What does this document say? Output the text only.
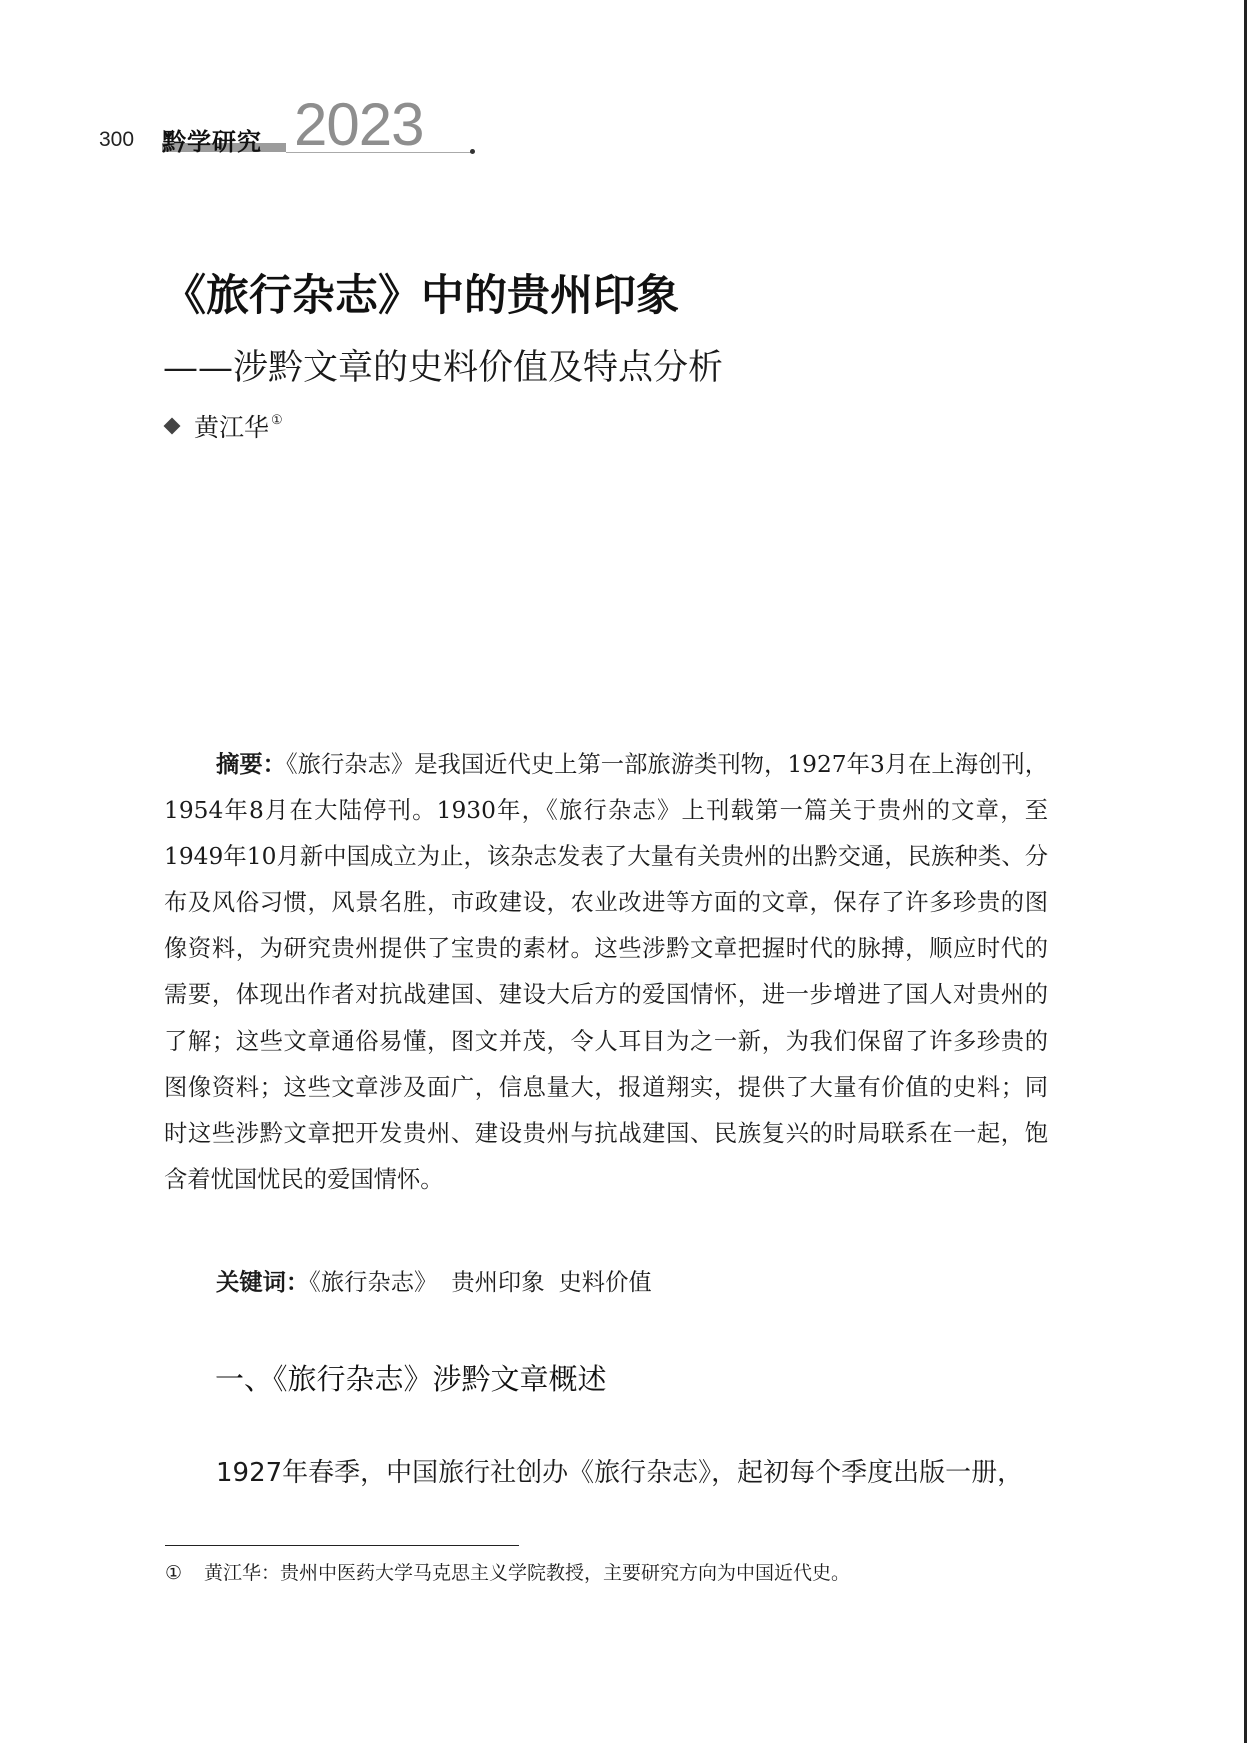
300 黔学研究 2023
《旅行杂志》中的贵州印象
——涉黔文章的史料价值及特点分析
黄江华 ①

摘要：《旅行杂志》是我国近代史上第一部旅游类刊物，1927年3月在上海创刊，1954年8月在大陆停刊。1930年，《旅行杂志》上刊载第一篇关于贵州的文章，至1949年10月新中国成立为止，该杂志发表了大量有关贵州的出黔交通，民族种类、分布及风俗习惯，风景名胜，市政建设，农业改进等方面的文章，保存了许多珍贵的图像资料，为研究贵州提供了宝贵的素材。这些涉黔文章把握时代的脉搏，顺应时代的需要，体现出作者对抗战建国、建设大后方的爱国情怀，进一步增进了国人对贵州的了解；这些文章通俗易懂，图文并茂，令人耳目为之一新，为我们保留了许多珍贵的图像资料；这些文章涉及面广，信息量大，报道翔实，提供了大量有价值的史料；同时这些涉黔文章把开发贵州、建设贵州与抗战建国、民族复兴的时局联系在一起，饱含着忧国忧民的爱国情怀。

关键词：《旅行杂志》 贵州印象 史料价值
一、《旅行杂志》涉黔文章概述

1927年春季，中国旅行社创办《旅行杂志》，起初每个季度出版一册，

① 黄江华：贵州中医药大学马克思主义学院教授，主要研究方向为中国近代史。
